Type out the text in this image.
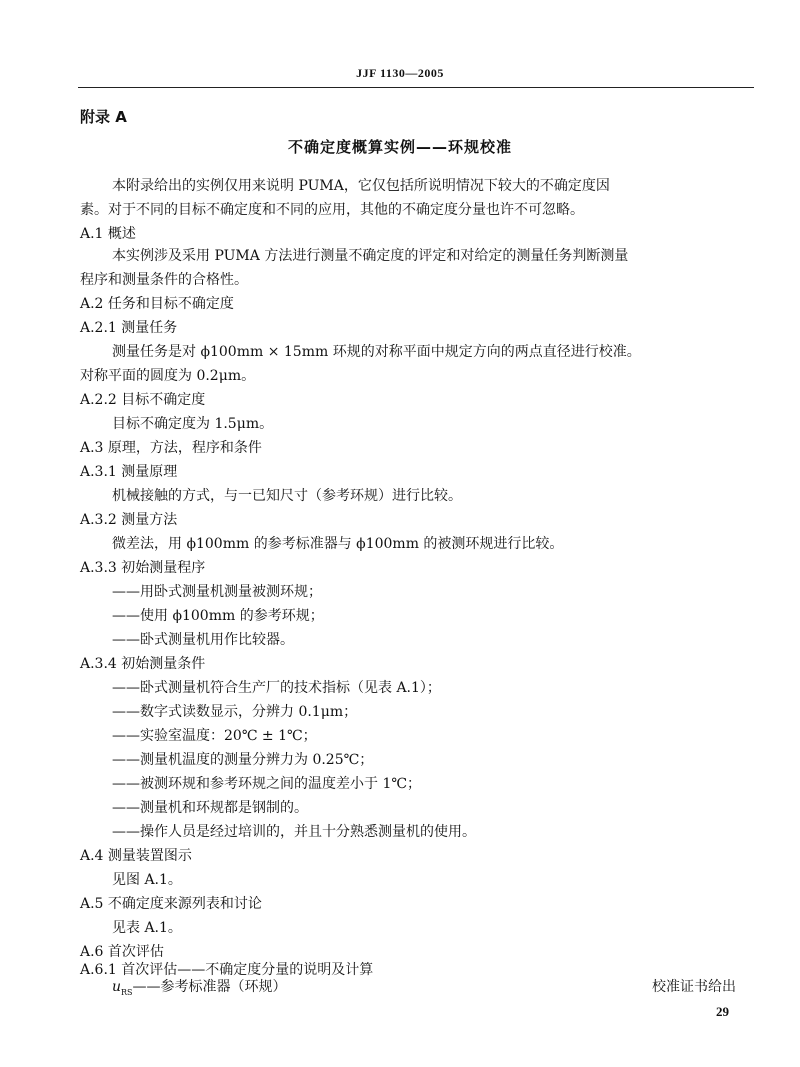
JJF 1130—2005
附录 A
不确定度概算实例——环规校准
本附录给出的实例仅用来说明 PUMA，它仅包括所说明情况下较大的不确定度因
素。对于不同的目标不确定度和不同的应用，其他的不确定度分量也许不可忽略。
A.1 概述
本实例涉及采用 PUMA 方法进行测量不确定度的评定和对给定的测量任务判断测量
程序和测量条件的合格性。
A.2 任务和目标不确定度
A.2.1 测量任务
测量任务是对 ϕ100mm × 15mm 环规的对称平面中规定方向的两点直径进行校准。
对称平面的圆度为 0.2μm。
A.2.2 目标不确定度
目标不确定度为 1.5μm。
A.3 原理，方法，程序和条件
A.3.1 测量原理
机械接触的方式，与一已知尺寸（参考环规）进行比较。
A.3.2 测量方法
微差法，用 ϕ100mm 的参考标准器与 ϕ100mm 的被测环规进行比较。
A.3.3 初始测量程序
——用卧式测量机测量被测环规；
——使用 ϕ100mm 的参考环规；
——卧式测量机用作比较器。
A.3.4 初始测量条件
——卧式测量机符合生产厂的技术指标（见表 A.1）；
——数字式读数显示，分辨力 0.1μm；
——实验室温度：20℃ ± 1℃；
——测量机温度的测量分辨力为 0.25℃；
——被测环规和参考环规之间的温度差小于 1℃；
——测量机和环规都是钢制的。
——操作人员是经过培训的，并且十分熟悉测量机的使用。
A.4 测量装置图示
见图 A.1。
A.5 不确定度来源列表和讨论
见表 A.1。
A.6 首次评估
A.6.1 首次评估——不确定度分量的说明及计算
$u_{RS}——$参考标准器（环规）	校准证书给出
29
